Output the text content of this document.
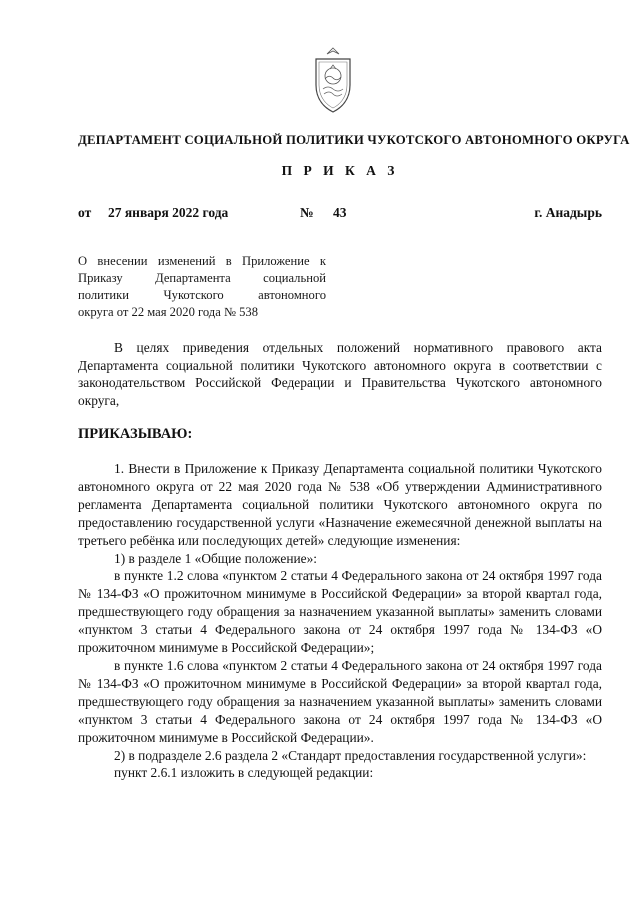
ДЕПАРТАМЕНТ СОЦИАЛЬНОЙ ПОЛИТИКИ ЧУКОТСКОГО АВТОНОМНОГО ОКРУГА
П Р И К А З
от 27 января 2022 года	№ 43	г. Анадырь
О внесении изменений в Приложение к
Приказу Департамента социальной
политики Чукотского автономного
округа от 22 мая 2020 года № 538
В целях приведения отдельных положений нормативного правового акта Департамента социальной политики Чукотского автономного округа в соответствии с законодательством Российской Федерации и Правительства Чукотского автономного округа,
ПРИКАЗЫВАЮ:

1. Внести в Приложение к Приказу Департамента социальной политики Чукотского автономного округа от 22 мая 2020 года № 538 «Об утверждении Административного регламента Департамента социальной политики Чукотского автономного округа по предоставлению государственной услуги «Назначение ежемесячной денежной выплаты на третьего ребёнка или последующих детей» следующие изменения:

1) в разделе 1 «Общие положение»:

в пункте 1.2 слова «пунктом 2 статьи 4 Федерального закона от 24 октября 1997 года № 134-ФЗ «О прожиточном минимуме в Российской Федерации» за второй квартал года, предшествующего году обращения за назначением указанной выплаты» заменить словами «пунктом 3 статьи 4 Федерального закона от 24 октября 1997 года № 134-ФЗ «О прожиточном минимуме в Российской Федерации»;

в пункте 1.6 слова «пунктом 2 статьи 4 Федерального закона от 24 октября 1997 года № 134-ФЗ «О прожиточном минимуме в Российской Федерации» за второй квартал года, предшествующего году обращения за назначением указанной выплаты» заменить словами «пунктом 3 статьи 4 Федерального закона от 24 октября 1997 года № 134-ФЗ «О прожиточном минимуме в Российской Федерации».

2) в подразделе 2.6 раздела 2 «Стандарт предоставления государственной услуги»:

пункт 2.6.1 изложить в следующей редакции:
